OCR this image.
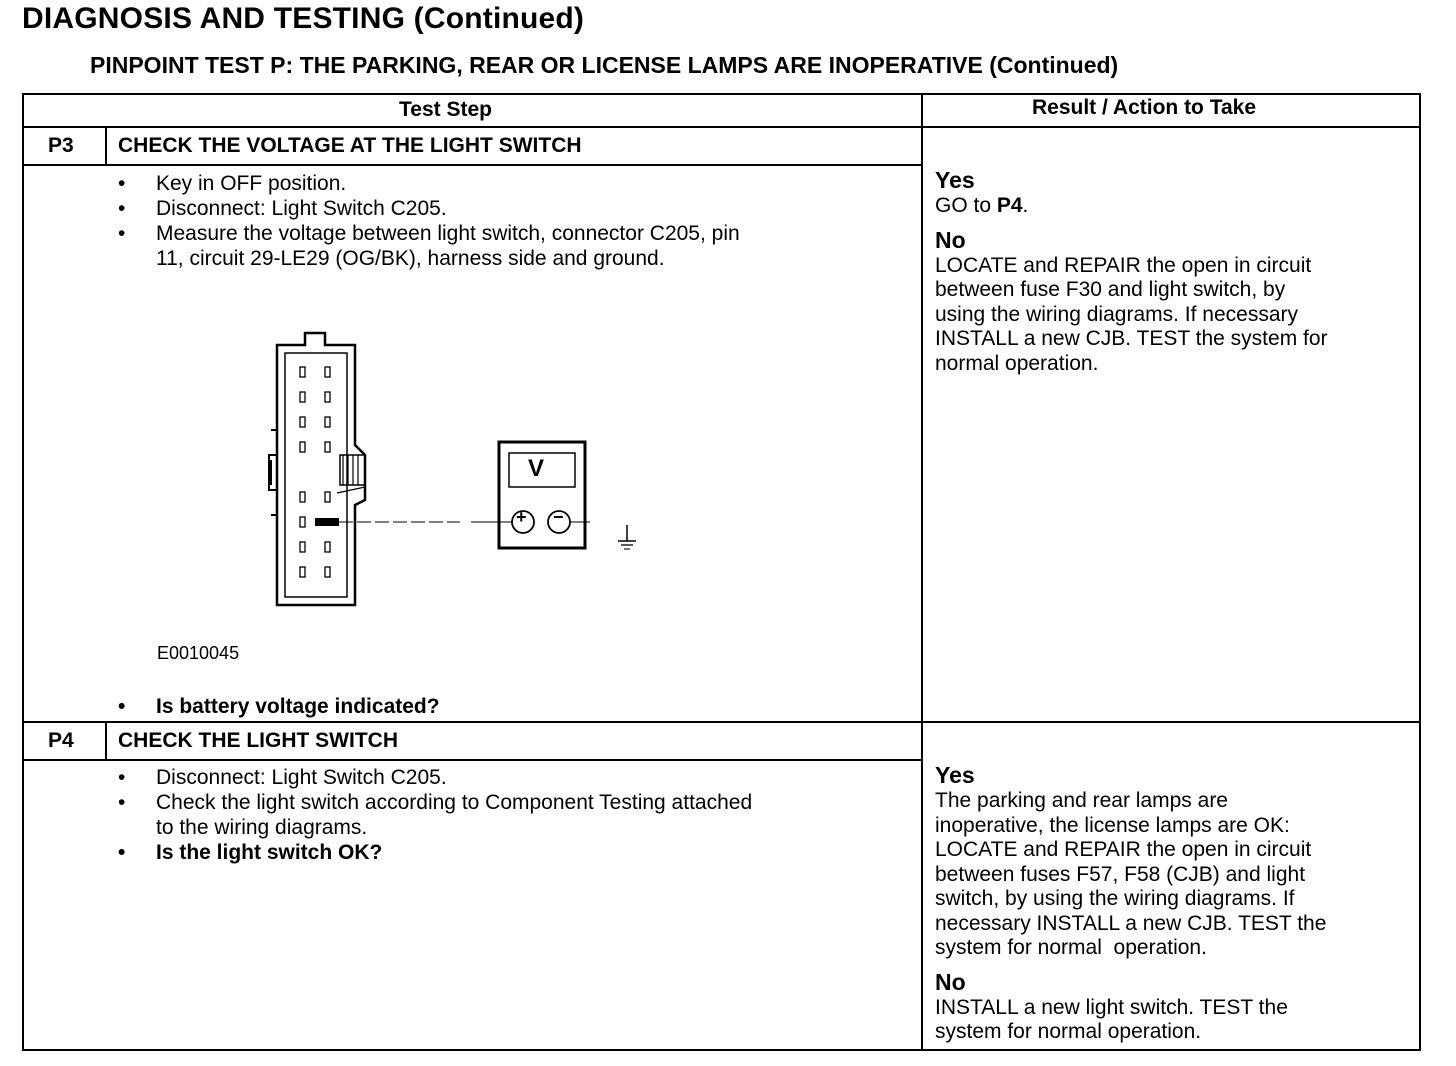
DIAGNOSIS AND TESTING (Continued)
PINPOINT TEST P: THE PARKING, REAR OR LICENSE LAMPS ARE INOPERATIVE (Continued)
Test Step	Result / Action to Take
P3 CHECK THE VOLTAGE AT THE LIGHT SWITCH
• Key in OFF position.
• Disconnect: Light Switch C205.
• Measure the voltage between light switch, connector C205, pin
11, circuit 29-LE29 (OG/BK), harness side and ground.
V
+ −
E0010045
• Is battery voltage indicated?
Yes
GO to P4.
No
LOCATE and REPAIR the open in circuit
between fuse F30 and light switch, by
using the wiring diagrams. If necessary
INSTALL a new CJB. TEST the system for
normal operation.
P4 CHECK THE LIGHT SWITCH
• Disconnect: Light Switch C205.
• Check the light switch according to Component Testing attached
to the wiring diagrams.
• Is the light switch OK?
Yes
The parking and rear lamps are
inoperative, the license lamps are OK:
LOCATE and REPAIR the open in circuit
between fuses F57, F58 (CJB) and light
switch, by using the wiring diagrams. If
necessary INSTALL a new CJB. TEST the
system for normal  operation.
No
INSTALL a new light switch. TEST the
system for normal operation.
